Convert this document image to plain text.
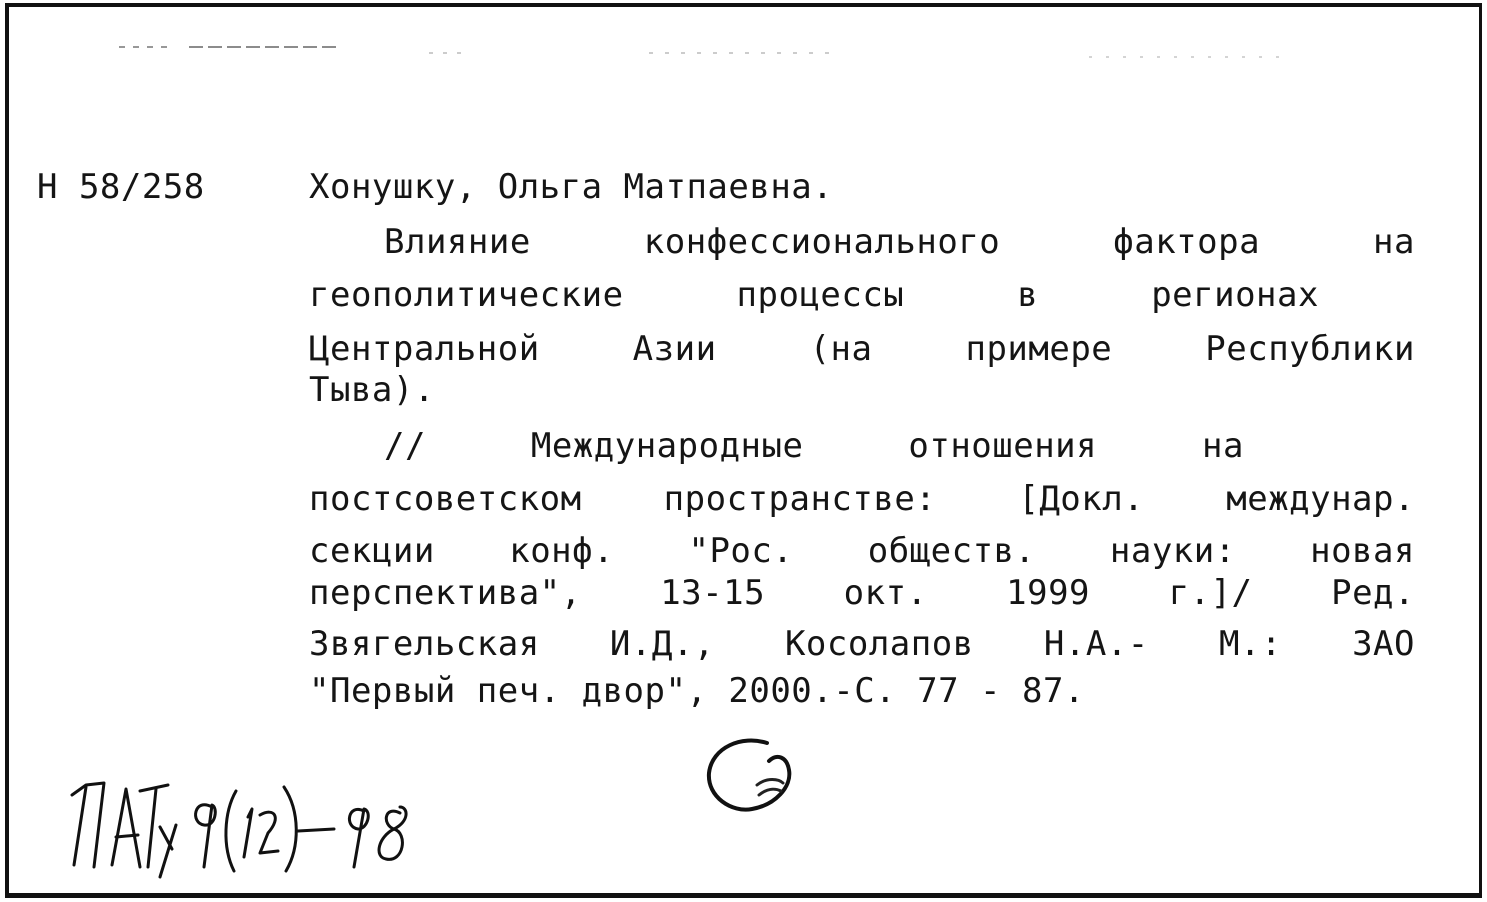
Н 58/258	Хонушку, Ольга Матпаевна.
Влияние	конфессионального	фактора	на
геополитические	процессы	в	регионах
Центральной	Азии	(на	примере	Республики
Тыва).
//	Международные	отношения	на
постсоветском пространстве: [Докл. междунар.
секции конф. "Рос. обществ. науки: новая
перспектива", 13-15 окт. 1999 г.]/ Ред.
Звягельская И.Д., Косолапов Н.А.- М.: ЗАО
"Первый печ. двор", 2000.-С. 77 - 87.
